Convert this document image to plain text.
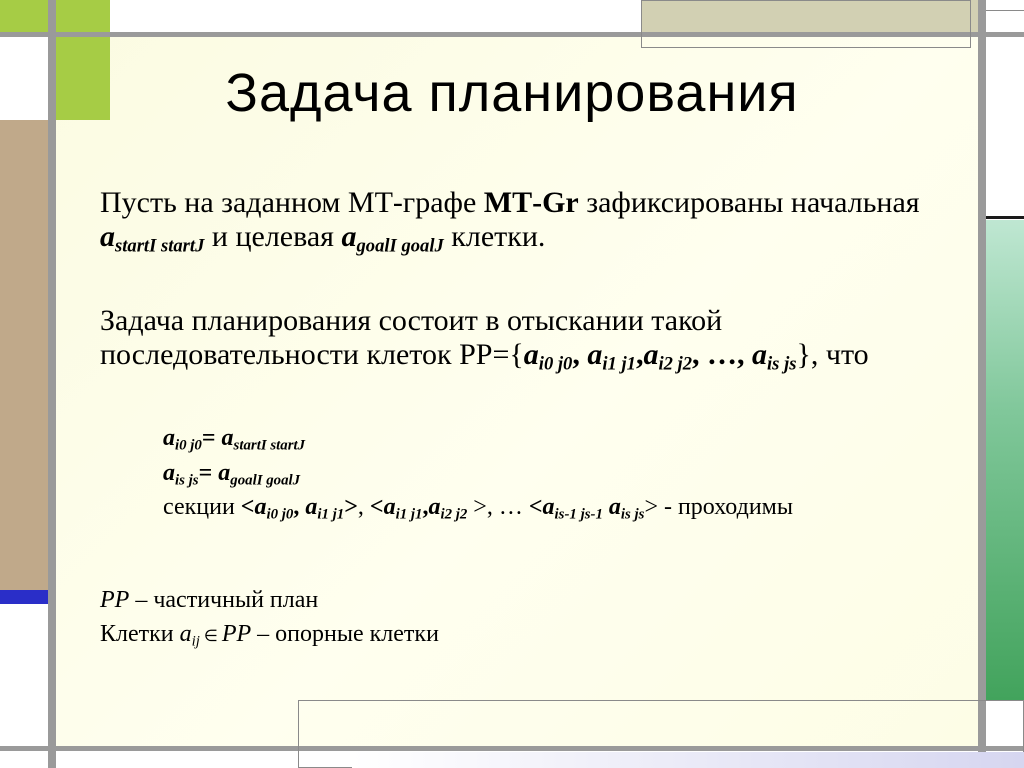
Задача планирования
Пусть на заданном МТ-графе МТ-Gr зафиксированы начальная $a_{startI startJ}$ и целевая $a_{goalI goalJ}$ клетки.
Задача планирования состоит в отыскании такой последовательности клеток $РР=\{a_{i0 j0}$, $a_{i1 j1},a_{i2 j2}$, …, $a_{is js}$}, что
$a_{i0 j0}= a_{startI startJ}$
$a_{is js}= a_{goalI goalJ}$
секции $<a_{i0 j0}$, $a_{i1 j1}>$, $<a_{i1 j1},a_{i2 j2}$ >, … $<a_{is-1 js-1}$ $a_{is js}>$ - проходимы
РР – частичный план
Клетки $a_{ij}$ ∈ РР – опорные клетки
